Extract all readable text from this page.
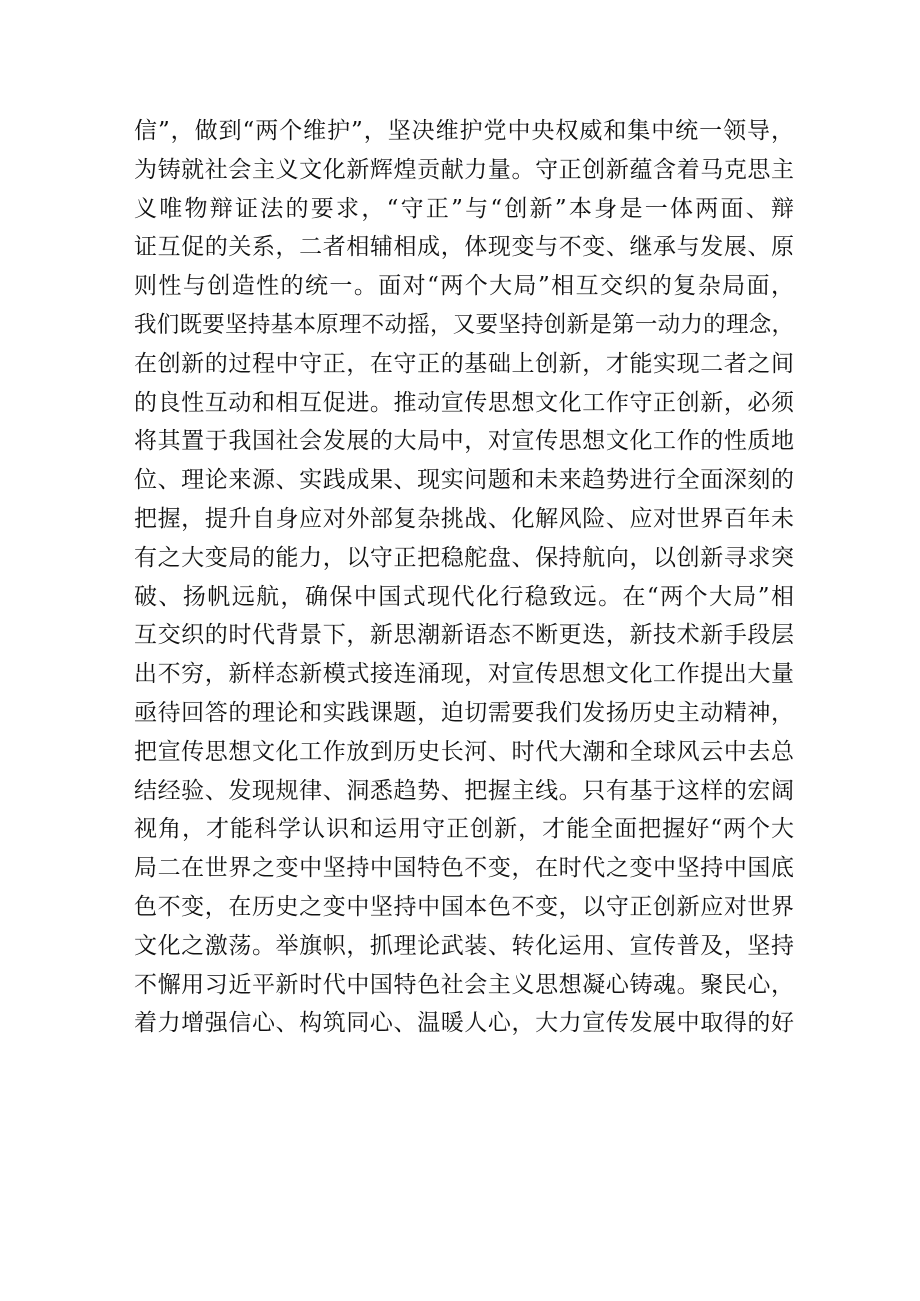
信”，做到“两个维护”，坚决维护党中央权威和集中统一领导，
为铸就社会主义文化新辉煌贡献力量。守正创新蕴含着马克思主
义唯物辩证法的要求，“守正”与“创新”本身是一体两面、辩
证互促的关系，二者相辅相成，体现变与不变、继承与发展、原
则性与创造性的统一。面对“两个大局”相互交织的复杂局面，
我们既要坚持基本原理不动摇，又要坚持创新是第一动力的理念，
在创新的过程中守正，在守正的基础上创新，才能实现二者之间
的良性互动和相互促进。推动宣传思想文化工作守正创新，必须
将其置于我国社会发展的大局中，对宣传思想文化工作的性质地
位、理论来源、实践成果、现实问题和未来趋势进行全面深刻的
把握，提升自身应对外部复杂挑战、化解风险、应对世界百年未
有之大变局的能力，以守正把稳舵盘、保持航向，以创新寻求突
破、扬帆远航，确保中国式现代化行稳致远。在“两个大局”相
互交织的时代背景下，新思潮新语态不断更迭，新技术新手段层
出不穷，新样态新模式接连涌现，对宣传思想文化工作提出大量
亟待回答的理论和实践课题，迫切需要我们发扬历史主动精神，
把宣传思想文化工作放到历史长河、时代大潮和全球风云中去总
结经验、发现规律、洞悉趋势、把握主线。只有基于这样的宏阔
视角，才能科学认识和运用守正创新，才能全面把握好“两个大
局二在世界之变中坚持中国特色不变，在时代之变中坚持中国底
色不变，在历史之变中坚持中国本色不变，以守正创新应对世界
文化之激荡。举旗帜，抓理论武装、转化运用、宣传普及，坚持
不懈用习近平新时代中国特色社会主义思想凝心铸魂。聚民心，
着力增强信心、构筑同心、温暖人心，大力宣传发展中取得的好
